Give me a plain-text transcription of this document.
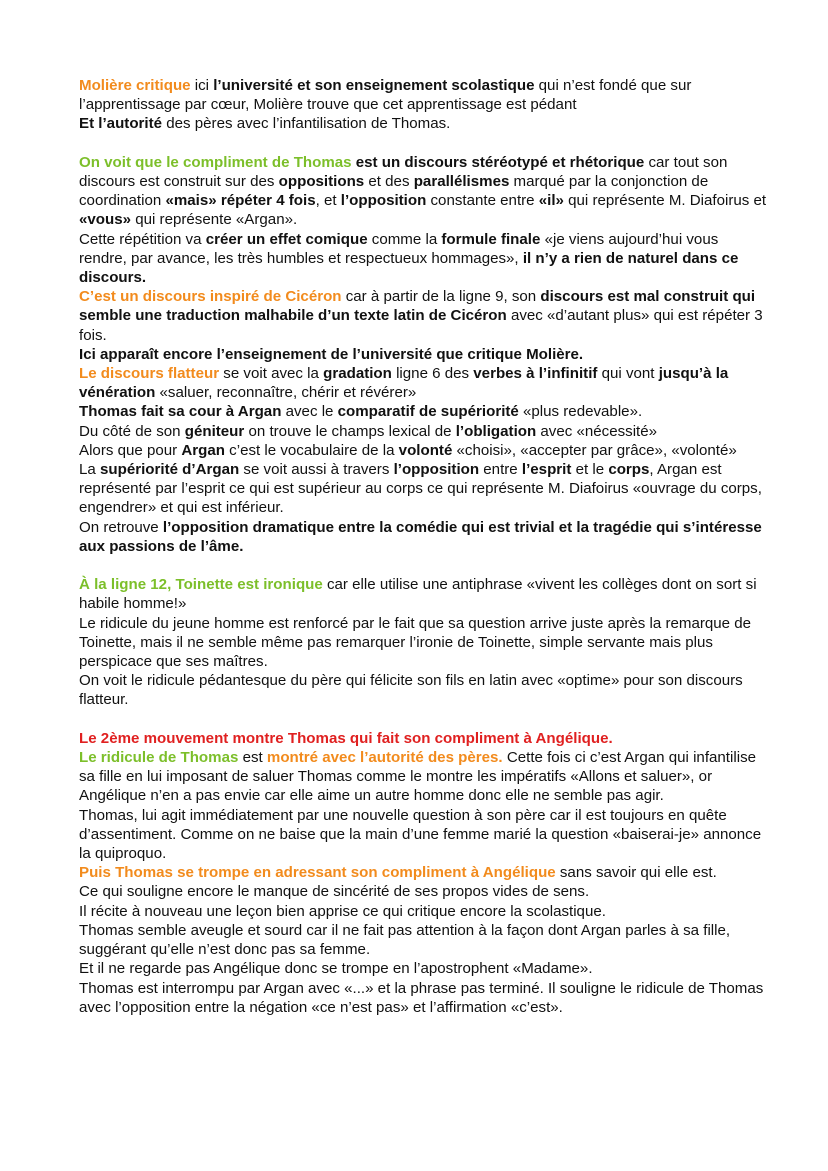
Molière critique ici l’université et son enseignement scolastique qui n’est fondé que sur l’apprentissage par cœur, Molière trouve que cet apprentissage est pédant

Et l’autorité des pères avec l’infantilisation de Thomas.

On voit que le compliment de Thomas est un discours stéréotypé et rhétorique car tout son discours est construit sur des oppositions et des parallélismes marqué par la conjonction de coordination «mais» répéter 4 fois, et l’opposition constante entre «il» qui représente M. Diafoirus et «vous» qui représente «Argan».

Cette répétition va créer un effet comique comme la formule finale «je viens aujourd’hui vous rendre, par avance, les très humbles et respectueux hommages», il n’y a rien de naturel dans ce discours.

C’est un discours inspiré de Cicéron car à partir de la ligne 9, son discours est mal construit qui semble une traduction malhabile d’un texte latin de Cicéron avec «d’autant plus» qui est répéter 3 fois.

Ici apparaît encore l’enseignement de l’université que critique Molière.

Le discours flatteur se voit avec la gradation ligne 6 des verbes à l’infinitif qui vont jusqu’à la vénération «saluer, reconnaître, chérir et révérer»

Thomas fait sa cour à Argan avec le comparatif de supériorité «plus redevable».

Du côté de son géniteur on trouve le champs lexical de l’obligation avec «nécessité»

Alors que pour Argan c’est le vocabulaire de la volonté «choisi», «accepter par grâce», «volonté»

La supériorité d’Argan se voit aussi à travers l’opposition entre l’esprit et le corps, Argan est représenté par l’esprit ce qui est supérieur au corps ce qui représente M. Diafoirus «ouvrage du corps, engendrer» et qui est inférieur.

On retrouve l’opposition dramatique entre la comédie qui est trivial et la tragédie qui s’intéresse aux passions de l’âme.

À la ligne 12, Toinette est ironique car elle utilise une antiphrase «vivent les collèges dont on sort si habile homme!»

Le ridicule du jeune homme est renforcé par le fait que sa question arrive juste après la remarque de Toinette, mais il ne semble même pas remarquer l’ironie de Toinette, simple servante mais plus perspicace que ses maîtres.

On voit le ridicule pédantesque du père qui félicite son fils en latin avec «optime» pour son discours flatteur.

Le 2ème mouvement montre Thomas qui fait son compliment à Angélique.

Le ridicule de Thomas est montré avec l’autorité des pères. Cette fois ci c’est Argan qui infantilise sa fille en lui imposant de saluer Thomas comme le montre les impératifs «Allons et saluer», or Angélique n’en a pas envie car elle aime un autre homme donc elle ne semble pas agir.

Thomas, lui agit immédiatement par une nouvelle question à son père car il est toujours en quête d’assentiment. Comme on ne baise que la main d’une femme marié la question «baiserai-je» annonce la quiproquo.

Puis Thomas se trompe en adressant son compliment à Angélique sans savoir qui elle est.

Ce qui souligne encore le manque de sincérité de ses propos vides de sens.

Il récite à nouveau une leçon bien apprise ce qui critique encore la scolastique.

Thomas semble aveugle et sourd car il ne fait pas attention à la façon dont Argan parles à sa fille, suggérant qu’elle n’est donc pas sa femme.

Et il ne regarde pas Angélique donc se trompe en l’apostrophent «Madame».

Thomas est interrompu par Argan avec «...» et la phrase pas terminé. Il souligne le ridicule de Thomas avec l’opposition entre la négation «ce n’est pas» et l’affirmation «c’est».
